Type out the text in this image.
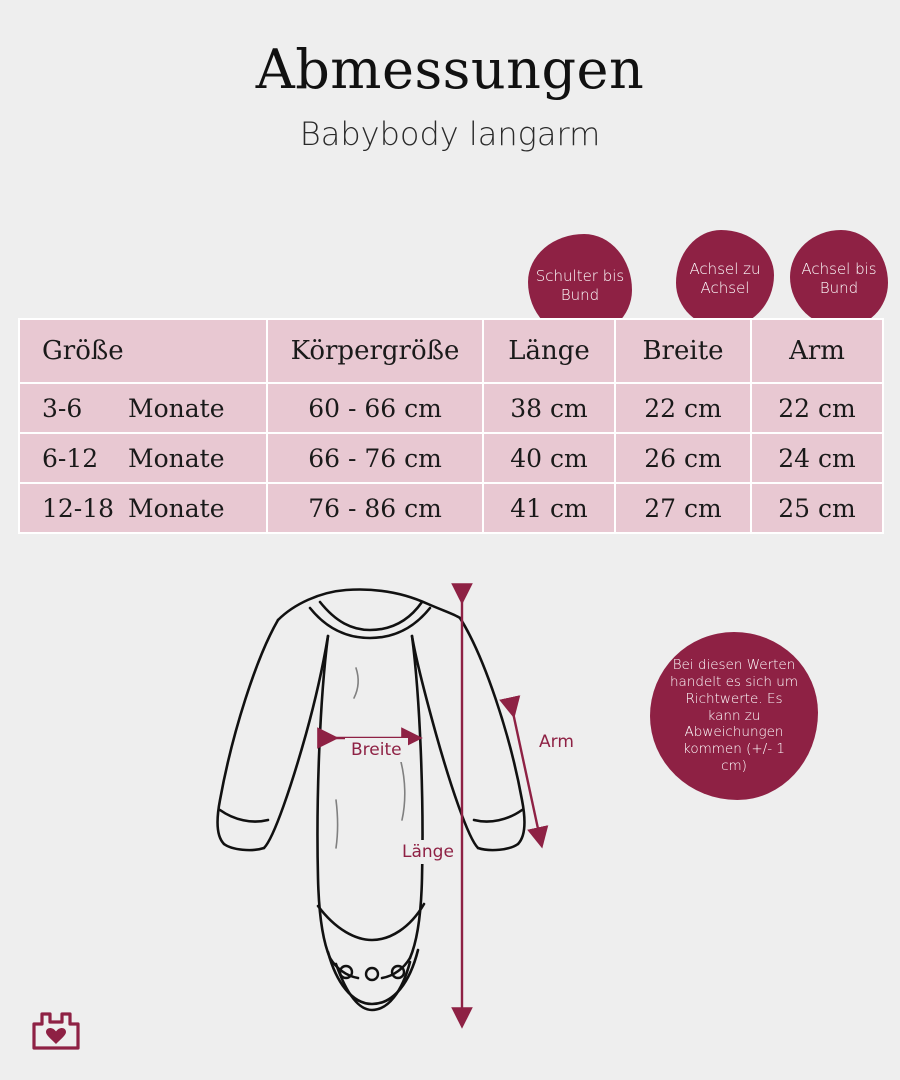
Abmessungen

Babybody langarm

Schulter bis Bund
Achsel zu Achsel
Achsel bis Bund
Größe	Körpergröße	Länge	Breite	Arm

3-6 Monate	60 - 66 cm	38 cm	22 cm	22 cm

6-12 Monate	66 - 76 cm	40 cm	26 cm	24 cm

12-18 Monate	76 - 86 cm	41 cm	27 cm	25 cm
Bei diesen Werten handelt es sich um Richtwerte. Es kann zu Abweichungen kommen (+/- 1 cm)
Breite	Arm
Länge
